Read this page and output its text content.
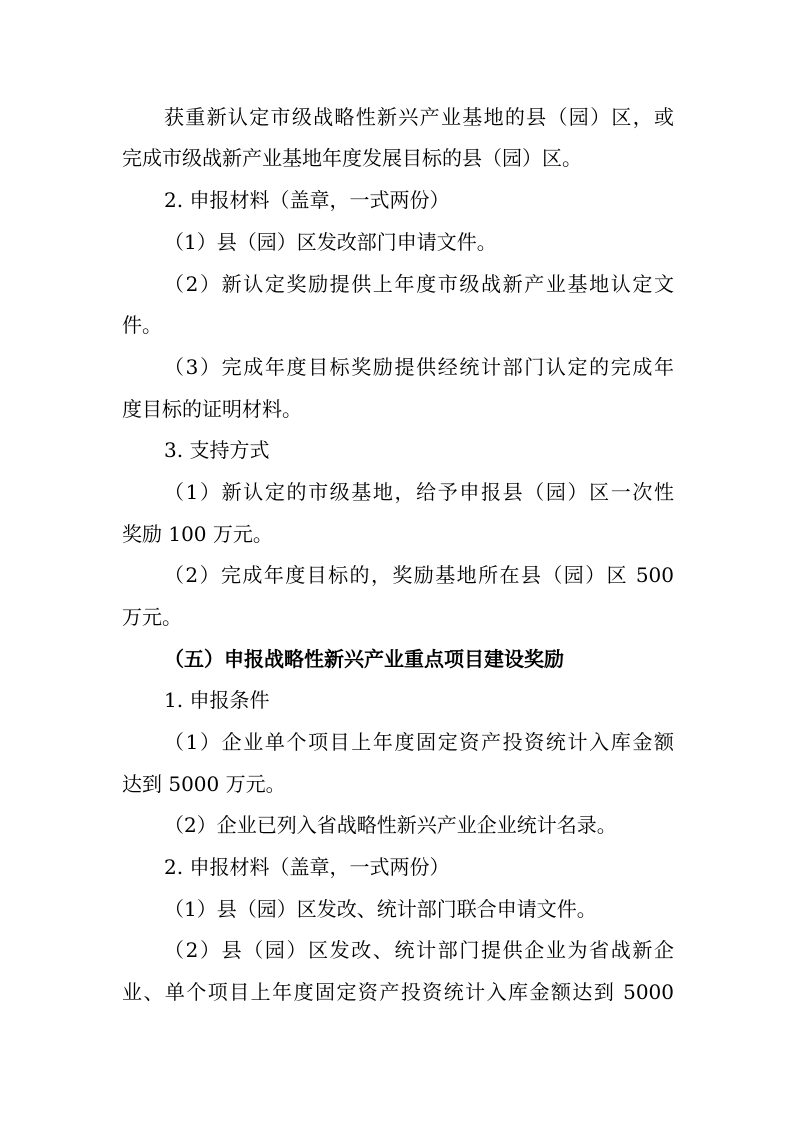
获重新认定市级战略性新兴产业基地的县（园）区，或
完成市级战新产业基地年度发展目标的县（园）区。
2. 申报材料（盖章，一式两份）
（1）县（园）区发改部门申请文件。
（2）新认定奖励提供上年度市级战新产业基地认定文
件。
（3）完成年度目标奖励提供经统计部门认定的完成年
度目标的证明材料。
3. 支持方式
（1）新认定的市级基地，给予申报县（园）区一次性
奖励 100 万元。
（2）完成年度目标的，奖励基地所在县（园）区 500
万元。
（五）申报战略性新兴产业重点项目建设奖励
1. 申报条件
（1）企业单个项目上年度固定资产投资统计入库金额
达到 5000 万元。
（2）企业已列入省战略性新兴产业企业统计名录。
2. 申报材料（盖章，一式两份）
（1）县（园）区发改、统计部门联合申请文件。
（2）县（园）区发改、统计部门提供企业为省战新企
业、单个项目上年度固定资产投资统计入库金额达到 5000
